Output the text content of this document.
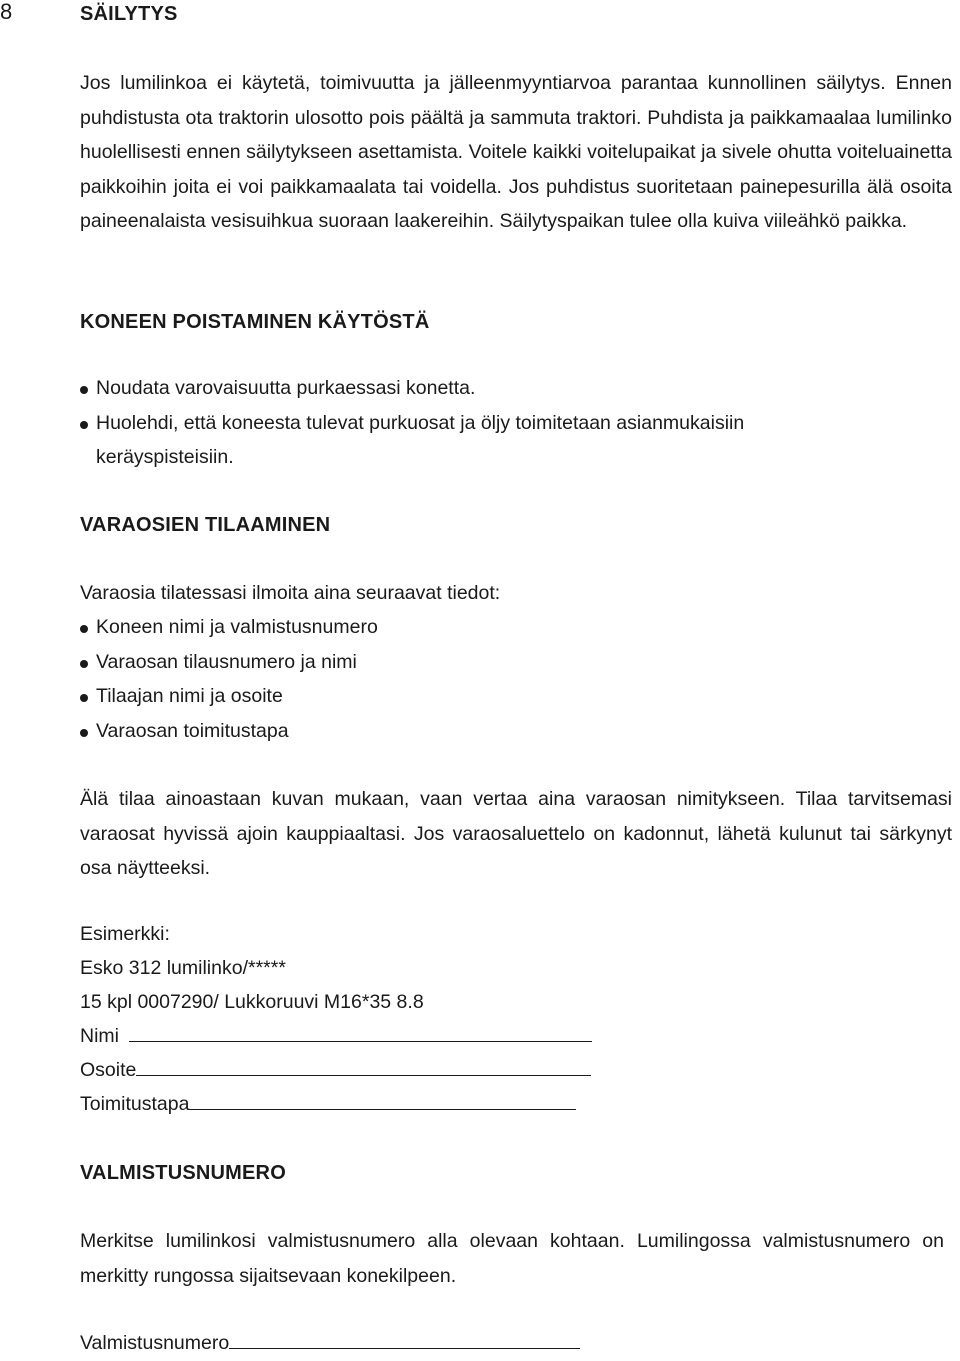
8	SÄILYTYS

Jos lumilinkoa ei käytetä, toimivuutta ja jälleenmyyntiarvoa parantaa kunnollinen säilytys. Ennen puhdistusta ota traktorin ulosotto pois päältä ja sammuta traktori. Puhdista ja paikkamaalaa lumilinko huolellisesti ennen säilytykseen asettamista. Voitele kaikki voitelupaikat ja sivele ohutta voiteluainetta paikkoihin joita ei voi paikkamaalata tai voidella. Jos puhdistus suoritetaan painepesurilla älä osoita paineenalaista vesisuihkua suoraan laakereihin. Säilytyspaikan tulee olla kuiva viileähkö paikka.

KONEEN POISTAMINEN KÄYTÖSTÄ
Noudata varovaisuutta purkaessasi konetta.
Huolehdi, että koneesta tulevat purkuosat ja öljy toimitetaan asianmukaisiin keräyspisteisiin.
VARAOSIEN TILAAMINEN

Varaosia tilatessasi ilmoita aina seuraavat tiedot:

Koneen nimi ja valmistusnumero
Varaosan tilausnumero ja nimi
Tilaajan nimi ja osoite
Varaosan toimitustapa

Älä tilaa ainoastaan kuvan mukaan, vaan vertaa aina varaosan nimitykseen. Tilaa tarvitsemasi varaosat hyvissä ajoin kauppiaaltasi. Jos varaosaluettelo on kadonnut, lähetä kulunut tai särkynyt osa näytteeksi.

Esimerkki:

Esko 312 lumilinko/*****

15 kpl 0007290/ Lukkoruuvi M16*35 8.8

Nimi
Osoite
Toimitustapa
VALMISTUSNUMERO

Merkitse lumilinkosi valmistusnumero alla olevaan kohtaan. Lumilingossa valmistusnumero on merkitty rungossa sijaitsevaan konekilpeen.

Valmistusnumero
